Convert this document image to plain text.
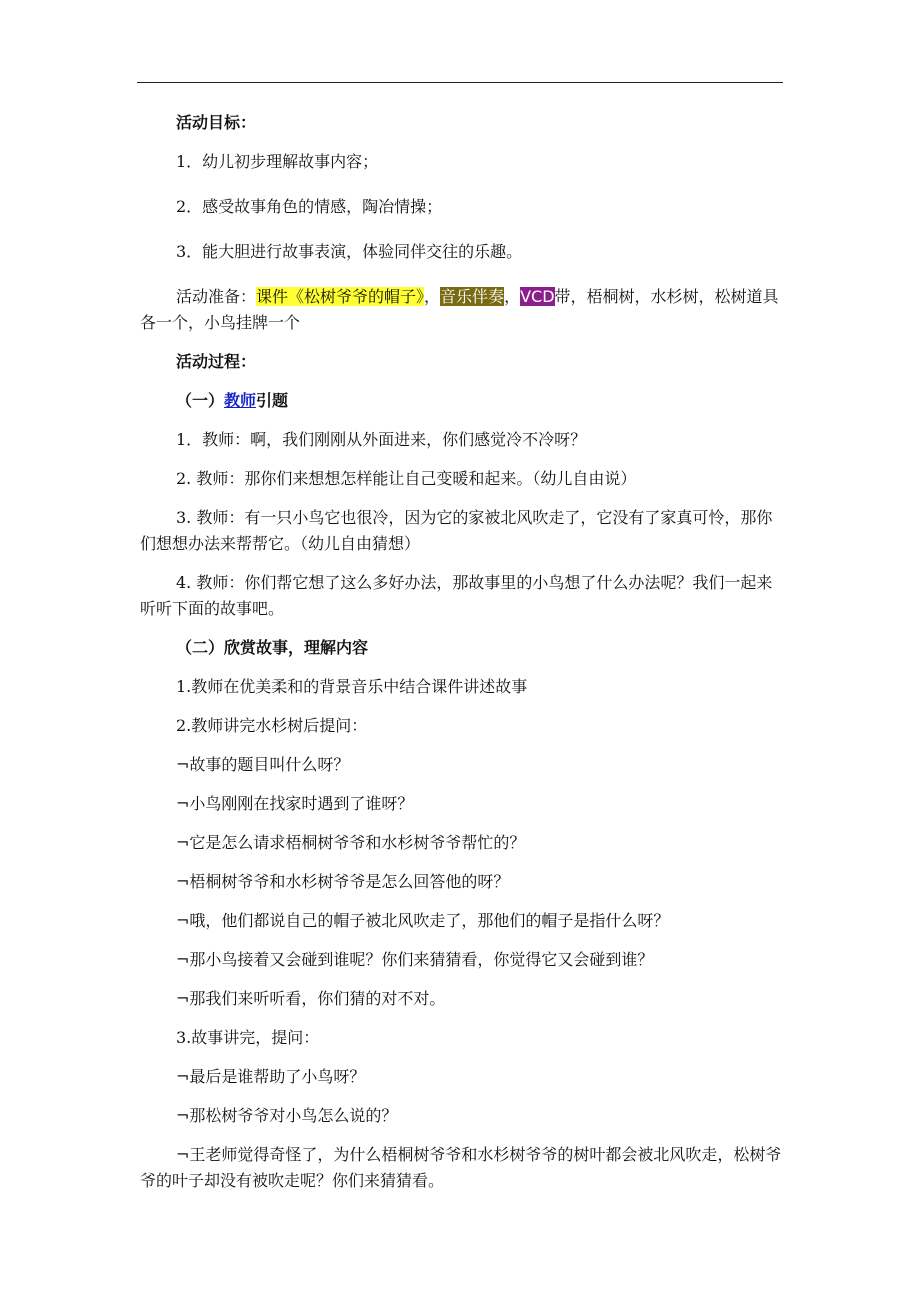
活动目标：

1．幼儿初步理解故事内容；

2．感受故事角色的情感，陶冶情操；

3．能大胆进行故事表演，体验同伴交往的乐趣。

活动准备：课件《松树爷爷的帽子》，音乐伴奏，VCD带，梧桐树，水杉树，松树道具各一个，小鸟挂牌一个

活动过程：

（一）教师引题

1．教师：啊，我们刚刚从外面进来，你们感觉冷不冷呀？

2. 教师：那你们来想想怎样能让自己变暖和起来。（幼儿自由说）

3. 教师：有一只小鸟它也很冷，因为它的家被北风吹走了，它没有了家真可怜，那你们想想办法来帮帮它。（幼儿自由猜想）

4. 教师：你们帮它想了这么多好办法，那故事里的小鸟想了什么办法呢？我们一起来听听下面的故事吧。

（二）欣赏故事，理解内容

1.教师在优美柔和的背景音乐中结合课件讲述故事

2.教师讲完水杉树后提问：

¬故事的题目叫什么呀？

¬小鸟刚刚在找家时遇到了谁呀？

¬它是怎么请求梧桐树爷爷和水杉树爷爷帮忙的？

¬梧桐树爷爷和水杉树爷爷是怎么回答他的呀？

¬哦，他们都说自己的帽子被北风吹走了，那他们的帽子是指什么呀？

¬那小鸟接着又会碰到谁呢？你们来猜猜看，你觉得它又会碰到谁？

¬那我们来听听看，你们猜的对不对。

3.故事讲完，提问：

¬最后是谁帮助了小鸟呀？

¬那松树爷爷对小鸟怎么说的？

¬王老师觉得奇怪了，为什么梧桐树爷爷和水杉树爷爷的树叶都会被北风吹走，松树爷爷的叶子却没有被吹走呢？你们来猜猜看。
